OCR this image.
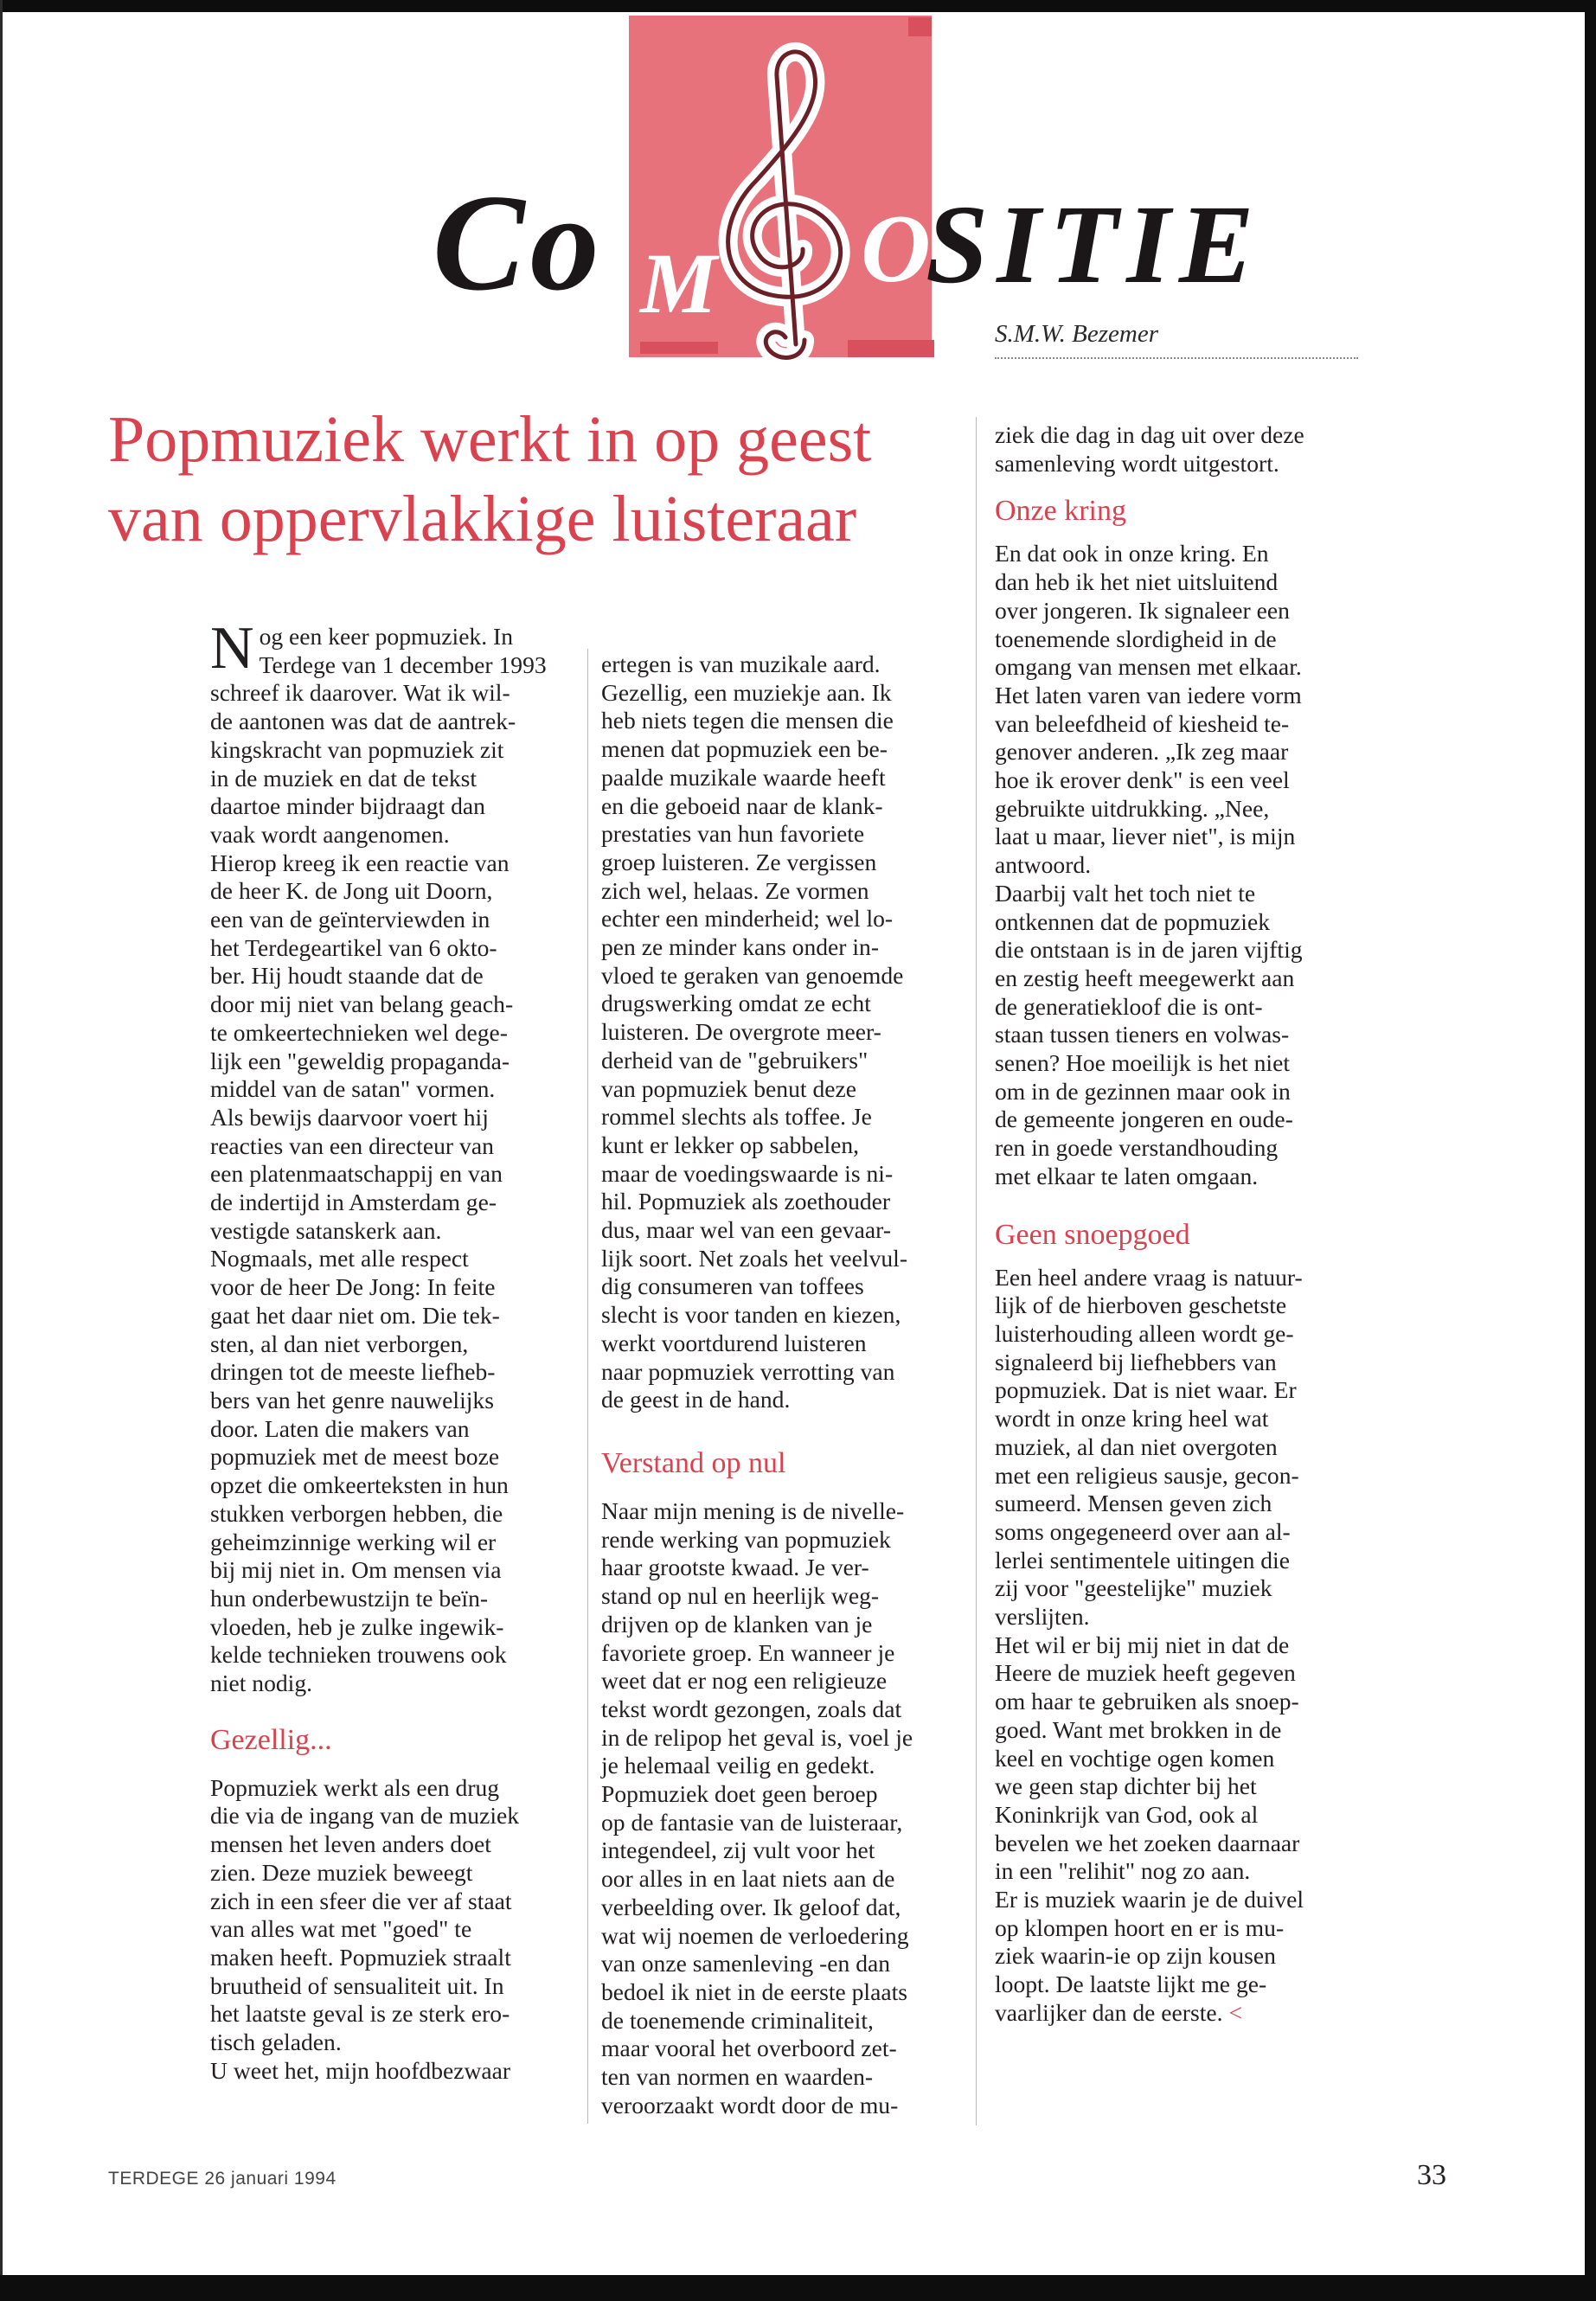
Co M O

SITIE

S.M.W. Bezemer

Popmuziek werkt in op geest
van oppervlakkige luisteraar

Nog een keer popmuziek. In
Terdege van 1 december 1993
schreef ik daarover. Wat ik wil-
de aantonen was dat de aantrek-
kingskracht van popmuziek zit
in de muziek en dat de tekst
daartoe minder bijdraagt dan
vaak wordt aangenomen.
Hierop kreeg ik een reactie van
de heer K. de Jong uit Doorn,
een van de geïnterviewden in
het Terdegeartikel van 6 okto-
ber. Hij houdt staande dat de
door mij niet van belang geach-
te omkeertechnieken wel dege-
lijk een "geweldig propaganda-
middel van de satan" vormen.
Als bewijs daarvoor voert hij
reacties van een directeur van
een platenmaatschappij en van
de indertijd in Amsterdam ge-
vestigde satanskerk aan.
Nogmaals, met alle respect
voor de heer De Jong: In feite
gaat het daar niet om. Die tek-
sten, al dan niet verborgen,
dringen tot de meeste liefheb-
bers van het genre nauwelijks
door. Laten die makers van
popmuziek met de meest boze
opzet die omkeerteksten in hun
stukken verborgen hebben, die
geheimzinnige werking wil er
bij mij niet in. Om mensen via
hun onderbewustzijn te beïn-
vloeden, heb je zulke ingewik-
kelde technieken trouwens ook
niet nodig.

Gezellig...

Popmuziek werkt als een drug
die via de ingang van de muziek
mensen het leven anders doet
zien. Deze muziek beweegt
zich in een sfeer die ver af staat
van alles wat met "goed" te
maken heeft. Popmuziek straalt
bruutheid of sensualiteit uit. In
het laatste geval is ze sterk ero-
tisch geladen.
U weet het, mijn hoofdbezwaar

ertegen is van muzikale aard.
Gezellig, een muziekje aan. Ik
heb niets tegen die mensen die
menen dat popmuziek een be-
paalde muzikale waarde heeft
en die geboeid naar de klank-
prestaties van hun favoriete
groep luisteren. Ze vergissen
zich wel, helaas. Ze vormen
echter een minderheid; wel lo-
pen ze minder kans onder in-
vloed te geraken van genoemde
drugswerking omdat ze echt
luisteren. De overgrote meer-
derheid van de "gebruikers"
van popmuziek benut deze
rommel slechts als toffee. Je
kunt er lekker op sabbelen,
maar de voedingswaarde is ni-
hil. Popmuziek als zoethouder
dus, maar wel van een gevaar-
lijk soort. Net zoals het veelvul-
dig consumeren van toffees
slecht is voor tanden en kiezen,
werkt voortdurend luisteren
naar popmuziek verrotting van
de geest in de hand.

Verstand op nul

Naar mijn mening is de nivelle-
rende werking van popmuziek
haar grootste kwaad. Je ver-
stand op nul en heerlijk weg-
drijven op de klanken van je
favoriete groep. En wanneer je
weet dat er nog een religieuze
tekst wordt gezongen, zoals dat
in de relipop het geval is, voel je
je helemaal veilig en gedekt.
Popmuziek doet geen beroep
op de fantasie van de luisteraar,
integendeel, zij vult voor het
oor alles in en laat niets aan de
verbeelding over. Ik geloof dat,
wat wij noemen de verloedering
van onze samenleving -en dan
bedoel ik niet in de eerste plaats
de toenemende criminaliteit,
maar vooral het overboord zet-
ten van normen en waarden-
veroorzaakt wordt door de mu-

ziek die dag in dag uit over deze
samenleving wordt uitgestort.

Onze kring

En dat ook in onze kring. En
dan heb ik het niet uitsluitend
over jongeren. Ik signaleer een
toenemende slordigheid in de
omgang van mensen met elkaar.
Het laten varen van iedere vorm
van beleefdheid of kiesheid te-
genover anderen. „Ik zeg maar
hoe ik erover denk" is een veel
gebruikte uitdrukking. „Nee,
laat u maar, liever niet", is mijn
antwoord.
Daarbij valt het toch niet te
ontkennen dat de popmuziek
die ontstaan is in de jaren vijftig
en zestig heeft meegewerkt aan
de generatiekloof die is ont-
staan tussen tieners en volwas-
senen? Hoe moeilijk is het niet
om in de gezinnen maar ook in
de gemeente jongeren en oude-
ren in goede verstandhouding
met elkaar te laten omgaan.

Geen snoepgoed

Een heel andere vraag is natuur-
lijk of de hierboven geschetste
luisterhouding alleen wordt ge-
signaleerd bij liefhebbers van
popmuziek. Dat is niet waar. Er
wordt in onze kring heel wat
muziek, al dan niet overgoten
met een religieus sausje, gecon-
sumeerd. Mensen geven zich
soms ongegeneerd over aan al-
lerlei sentimentele uitingen die
zij voor "geestelijke" muziek
verslijten.
Het wil er bij mij niet in dat de
Heere de muziek heeft gegeven
om haar te gebruiken als snoep-
goed. Want met brokken in de
keel en vochtige ogen komen
we geen stap dichter bij het
Koninkrijk van God, ook al
bevelen we het zoeken daarnaar
in een "relihit" nog zo aan.
Er is muziek waarin je de duivel
op klompen hoort en er is mu-
ziek waarin-ie op zijn kousen
loopt. De laatste lijkt me ge-
vaarlijker dan de eerste. <

TERDEGE 26 januari 1994	33
